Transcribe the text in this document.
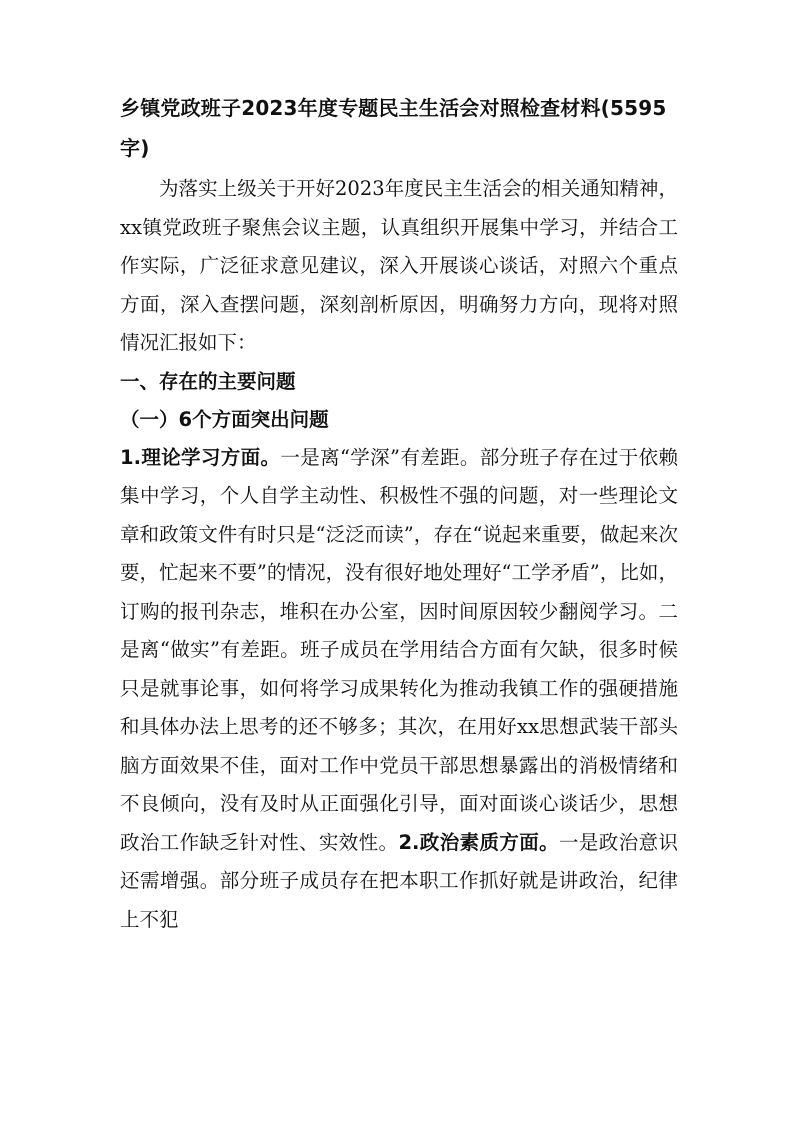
乡镇党政班子2023年度专题民主生活会对照检查材料(5595字)

为落实上级关于开好2023年度民主生活会的相关通知精神，xx镇党政班子聚焦会议主题，认真组织开展集中学习，并结合工作实际，广泛征求意见建议，深入开展谈心谈话，对照六个重点方面，深入查摆问题，深刻剖析原因，明确努力方向，现将对照情况汇报如下：

一、存在的主要问题
（一）6个方面突出问题

1.理论学习方面。一是离“学深”有差距。部分班子存在过于依赖集中学习，个人自学主动性、积极性不强的问题，对一些理论文章和政策文件有时只是“泛泛而读”，存在“说起来重要，做起来次要，忙起来不要”的情况，没有很好地处理好“工学矛盾”，比如，订购的报刊杂志，堆积在办公室，因时间原因较少翻阅学习。二是离“做实”有差距。班子成员在学用结合方面有欠缺，很多时候只是就事论事，如何将学习成果转化为推动我镇工作的强硬措施和具体办法上思考的还不够多；其次，在用好xx思想武装干部头脑方面效果不佳，面对工作中党员干部思想暴露出的消极情绪和不良倾向，没有及时从正面强化引导，面对面谈心谈话少，思想政治工作缺乏针对性、实效性。2.政治素质方面。一是政治意识还需增强。部分班子成员存在把本职工作抓好就是讲政治，纪律上不犯
